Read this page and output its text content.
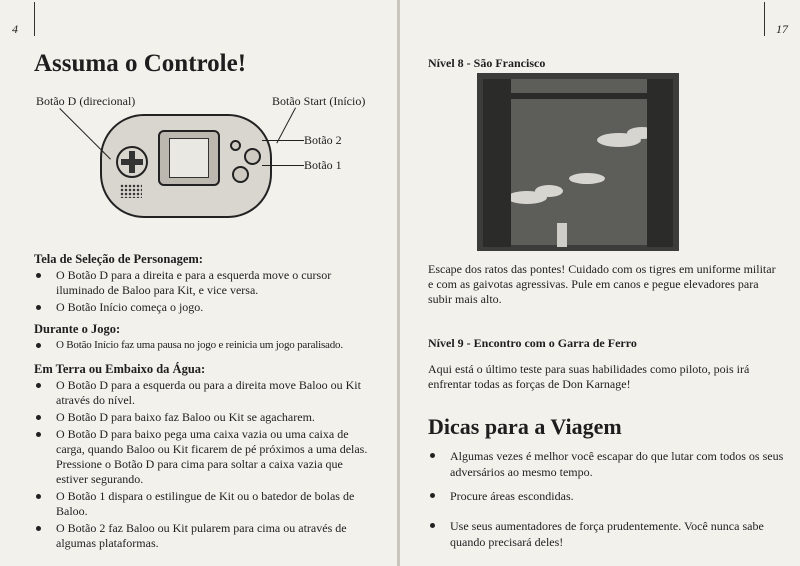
4
Assuma o Controle!
Botão D (direcional)	Botão Start (Início)
Botão 2
Botão 1
Tela de Seleção de Personagem:
O Botão D para a direita e para a esquerda move o cursor iluminado de Baloo para Kit, e vice versa.
O Botão Início começa o jogo.
Durante o Jogo:
O Botão Início faz uma pausa no jogo e reinicia um jogo paralisado.
Em Terra ou Embaixo da Água:
O Botão D para a esquerda ou para a direita move Baloo ou Kit através do nível.
O Botão D para baixo faz Baloo ou Kit se agacharem.
O Botão D para baixo pega uma caixa vazia ou uma caixa de carga, quando Baloo ou Kit ficarem de pé próximos a uma delas. Pressione o Botão D para cima para soltar a caixa vazia que estiver segurando.
O Botão 1 dispara o estilingue de Kit ou o batedor de bolas de Baloo.
O Botão 2 faz Baloo ou Kit pularem para cima ou através de algumas plataformas.
17
Nível 8 - São Francisco

Escape dos ratos das pontes! Cuidado com os tigres em uniforme militar e com as gaivotas agressivas. Pule em canos e pegue elevadores para subir mais alto.

Nível 9 - Encontro com o Garra de Ferro

Aqui está o último teste para suas habilidades como piloto, pois irá enfrentar todas as forças de Don Karnage!

Dicas para a Viagem
Algumas vezes é melhor você escapar do que lutar com todos os seus adversários ao mesmo tempo.
Procure áreas escondidas.
Use seus aumentadores de força prudentemente. Você nunca sabe quando precisará deles!
